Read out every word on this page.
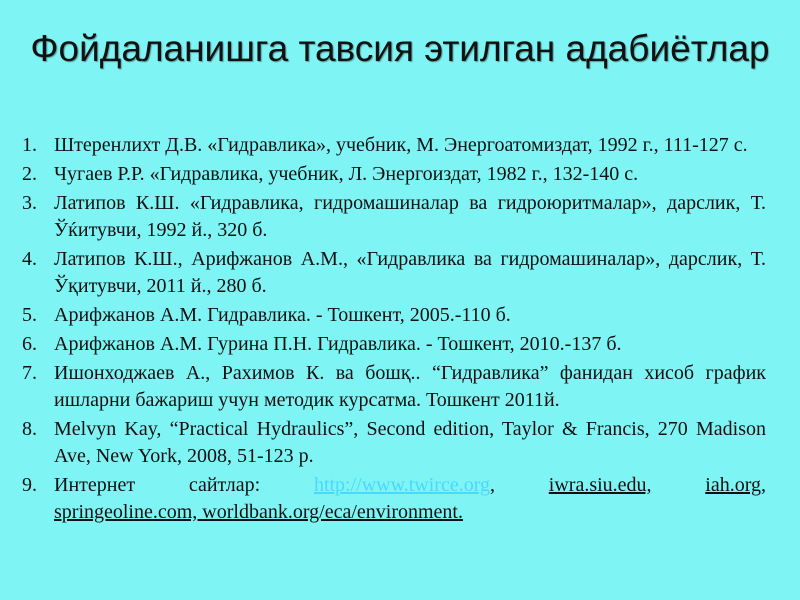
Фойдаланишга тавсия этилган адабиётлар
1. Штеренлихт Д.В. «Гидравлика», учебник, М. Энергоатомиздат, 1992 г., 111-127 с.
2. Чугаев Р.Р. «Гидравлика, учебник, Л. Энергоиздат, 1982 г., 132-140 с.
3. Латипов К.Ш. «Гидравлика, гидромашиналар ва гидроюритмалар», дарслик, Т. Ўќитувчи, 1992 й., 320 б.
4. Латипов К.Ш., Арифжанов А.М., «Гидравлика ва гидромашиналар», дарслик, Т. Ўқитувчи, 2011 й., 280 б.
5. Арифжанов А.М. Гидравлика. - Тошкент, 2005.-110 б.
6. Арифжанов А.М. Гурина П.Н. Гидравлика. - Тошкент, 2010.-137 б.
7. Ишонходжаев А., Рахимов К. ва бошқ.. “Гидравлика” фанидан хисоб график ишларни бажариш учун методик курсатма. Тошкент 2011й.
8. Melvyn Kay, “Practical Hydraulics”, Second edition, Taylor & Francis, 270 Madison Ave, New York, 2008, 51-123 p.
9. Интернет сайтлар:	http://www.twirce.org,	iwra.siu.edu,	iah.org,
springeoline.com, worldbank.org/eca/environment.
